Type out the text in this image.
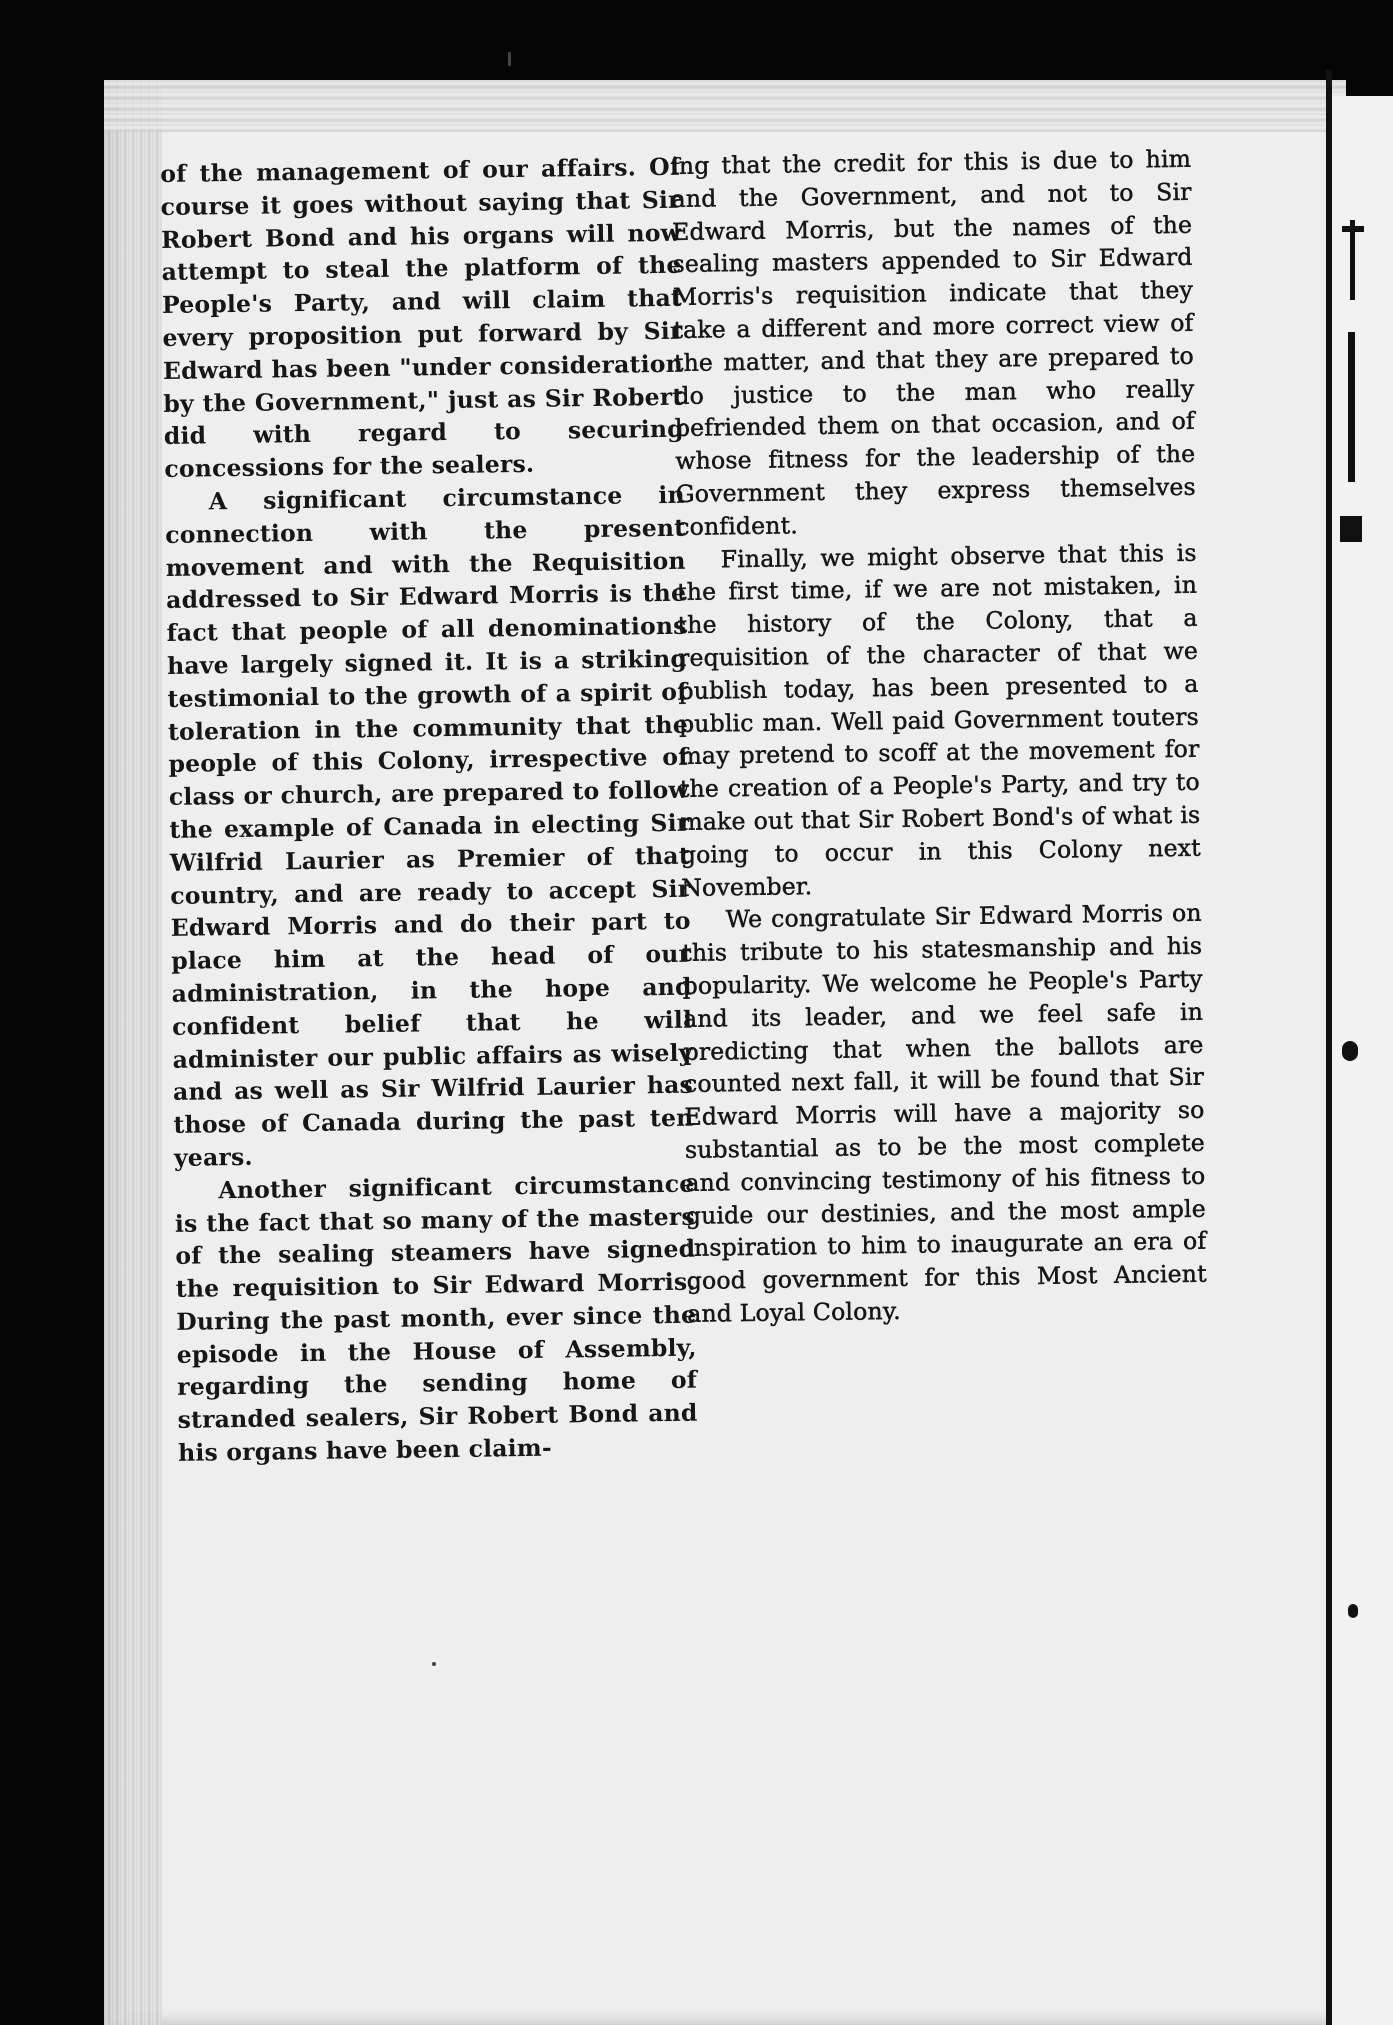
of the management of our affairs. Of course it goes without saying that Sir Robert Bond and his organs will now attempt to steal the platform of the People's Party, and will claim that every proposition put forward by Sir Edward has been "under consideration by the Government," just as Sir Robert did with regard to securing concessions for the sealers.

A significant circumstance in connection with the present movement and with the Requisition addressed to Sir Edward Morris is the fact that people of all denominations have largely signed it. It is a striking testimonial to the growth of a spirit of toleration in the community that the people of this Colony, irrespective of class or church, are prepared to follow the example of Canada in electing Sir Wilfrid Laurier as Premier of that country, and are ready to accept Sir Edward Morris and do their part to place him at the head of our administration, in the hope and confident belief that he will administer our public affairs as wisely and as well as Sir Wilfrid Laurier has those of Canada during the past ten years.

Another significant circumstance is the fact that so many of the masters of the sealing steamers have signed the requisition to Sir Edward Morris. During the past month, ever since the episode in the House of Assembly, regarding the sending home of stranded sealers, Sir Robert Bond and his organs have been claim-

ing that the credit for this is due to him and the Government, and not to Sir Edward Morris, but the names of the sealing masters appended to Sir Edward Morris's requisition indicate that they take a different and more correct view of the matter, and that they are prepared to do justice to the man who really befriended them on that occasion, and of whose fitness for the leadership of the Government they express themselves confident.

Finally, we might observe that this is the first time, if we are not mistaken, in the history of the Colony, that a requisition of the character of that we publish today, has been presented to a public man. Well paid Government touters may pretend to scoff at the movement for the creation of a People's Party, and try to make out that Sir Robert Bond's of what is going to occur in this Colony next November.

We congratulate Sir Edward Morris on this tribute to his statesmanship and his popularity. We welcome he People's Party and its leader, and we feel safe in predicting that when the ballots are counted next fall, it will be found that Sir Edward Morris will have a majority so substantial as to be the most complete and convincing testimony of his fitness to guide our destinies, and the most ample inspiration to him to inaugurate an era of good government for this Most Ancient and Loyal Colony.
